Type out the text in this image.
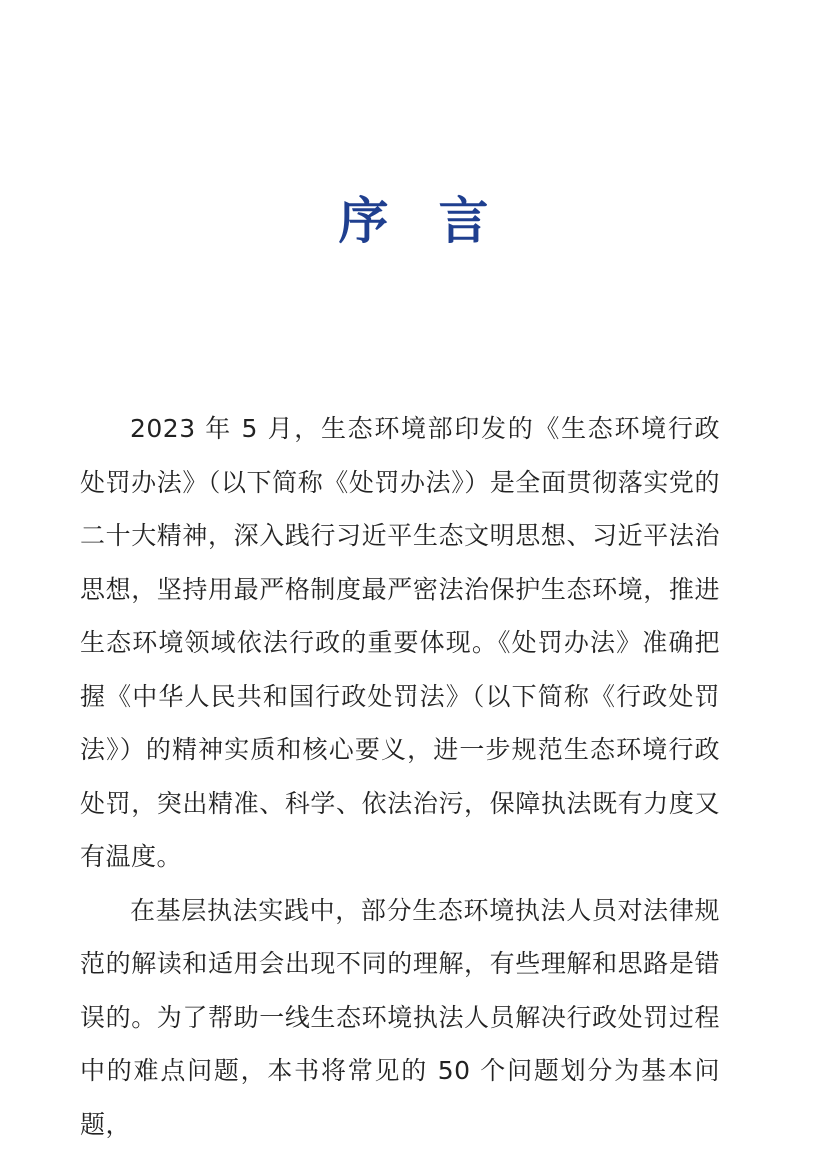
序 言

2023 年 5 月，生态环境部印发的《生态环境行政处罚办法》（以下简称《处罚办法》）是全面贯彻落实党的二十大精神，深入践行习近平生态文明思想、习近平法治思想，坚持用最严格制度最严密法治保护生态环境，推进生态环境领域依法行政的重要体现。《处罚办法》准确把握《中华人民共和国行政处罚法》（以下简称《行政处罚法》）的精神实质和核心要义，进一步规范生态环境行政处罚，突出精准、科学、依法治污，保障执法既有力度又有温度。

在基层执法实践中，部分生态环境执法人员对法律规范的解读和适用会出现不同的理解，有些理解和思路是错误的。为了帮助一线生态环境执法人员解决行政处罚过程中的难点问题，本书将常见的 50 个问题划分为基本问题，
